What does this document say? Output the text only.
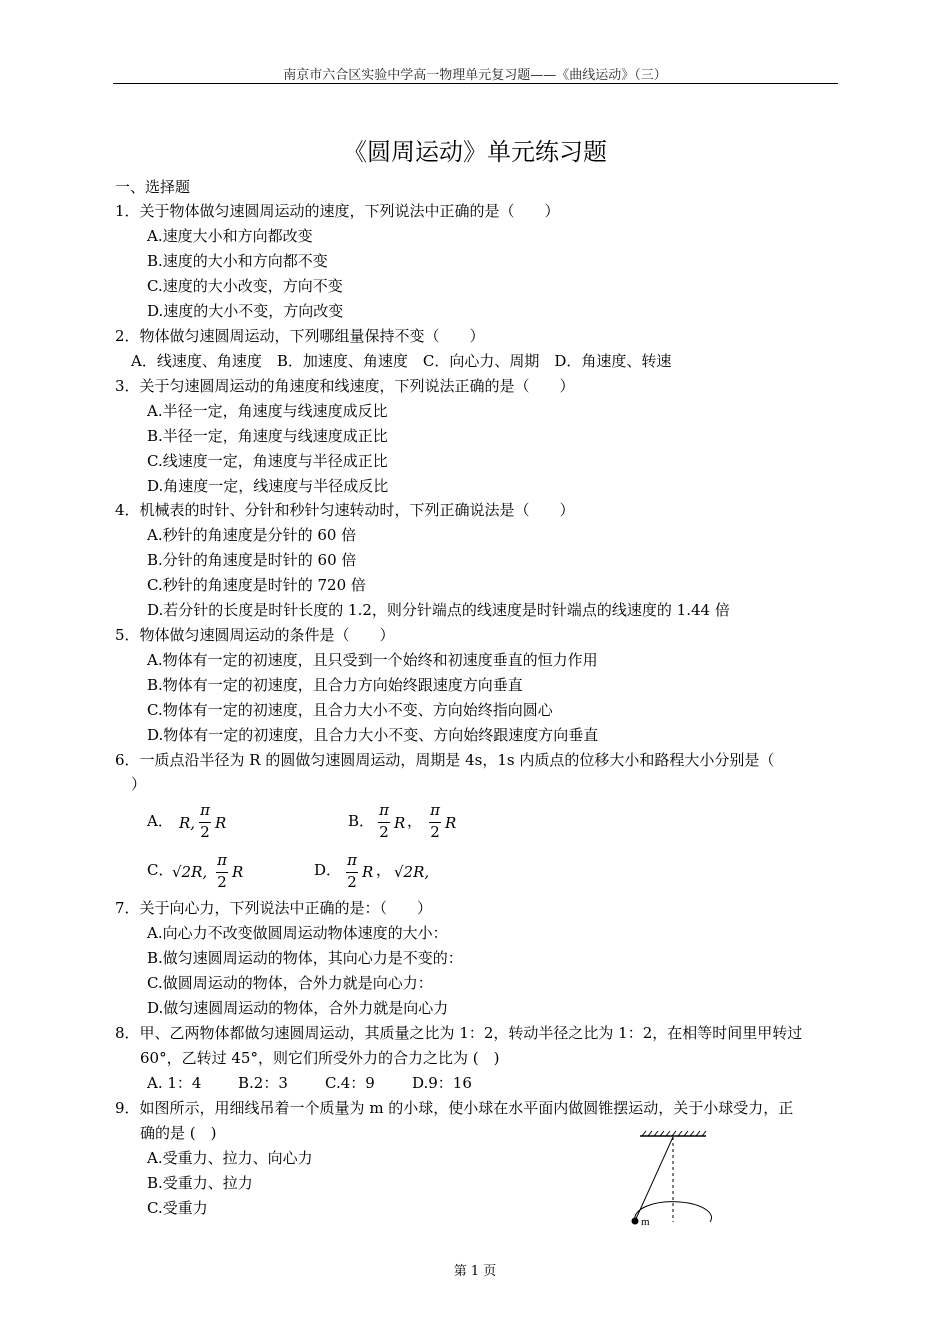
南京市六合区实验中学高一物理单元复习题——《曲线运动》（三）
《圆周运动》单元练习题
一、选择题
1．关于物体做匀速圆周运动的速度，下列说法中正确的是（　　）
A.速度大小和方向都改变
B.速度的大小和方向都不变
C.速度的大小改变，方向不变
D.速度的大小不变，方向改变
2．物体做匀速圆周运动，下列哪组量保持不变（　　）
A．线速度、角速度　B．加速度、角速度　C．向心力、周期　D．角速度、转速
3．关于匀速圆周运动的角速度和线速度，下列说法正确的是（　　）
A.半径一定，角速度与线速度成反比
B.半径一定，角速度与线速度成正比
C.线速度一定，角速度与半径成正比
D.角速度一定，线速度与半径成反比
4．机械表的时针、分针和秒针匀速转动时，下列正确说法是（　　）
A.秒针的角速度是分针的 60 倍
B.分针的角速度是时针的 60 倍
C.秒针的角速度是时针的 720 倍
D.若分针的长度是时针长度的 1.2，则分针端点的线速度是时针端点的线速度的 1.44 倍
5．物体做匀速圆周运动的条件是（　　）
A.物体有一定的初速度，且只受到一个始终和初速度垂直的恒力作用
B.物体有一定的初速度，且合力方向始终跟速度方向垂直
C.物体有一定的初速度，且合力大小不变、方向始终指向圆心
D.物体有一定的初速度，且合力大小不变、方向始终跟速度方向垂直
6．一质点沿半径为 R 的圆做匀速圆周运动，周期是 4s，1s 内质点的位移大小和路程大小分别是（
）
A． R,
π
2 R	B．
π
2 R ，
π
2 R
C．
√2R,
π
2
R	D．
π
2
R ， √2R,
7．关于向心力，下列说法中正确的是：（　　）
A.向心力不改变做圆周运动物体速度的大小：
B.做匀速圆周运动的物体，其向心力是不变的：
C.做圆周运动的物体，合外力就是向心力：
D.做匀速圆周运动的物体，合外力就是向心力
8．甲、乙两物体都做匀速圆周运动，其质量之比为 1：2，转动半径之比为 1：2，在相等时间里甲转过
60°，乙转过 45°，则它们所受外力的合力之比为 (　)
A. 1：4 B.2：3 C.4：9 D.9：16
9．如图所示，用细线吊着一个质量为 m 的小球，使小球在水平面内做圆锥摆运动，关于小球受力，正
确的是 (　)
A.受重力、拉力、向心力
B.受重力、拉力
C.受重力
m
第 1 页
